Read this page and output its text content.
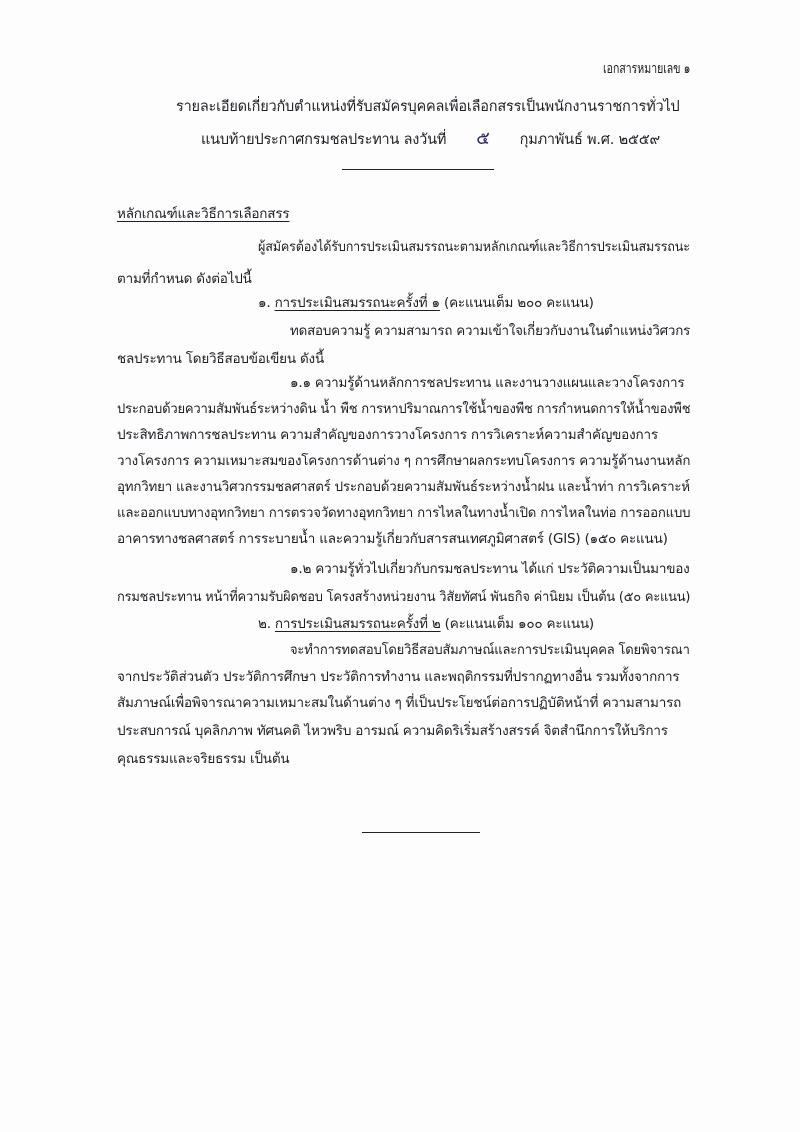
เอกสารหมายเลข ๑
รายละเอียดเกี่ยวกับตำแหน่งที่รับสมัครบุคคลเพื่อเลือกสรรเป็นพนักงานราชการทั่วไป
แนบท้ายประกาศกรมชลประทาน ลงวันที่ ๕ กุมภาพันธ์ พ.ศ. ๒๕๕๙
หลักเกณฑ์และวิธีการเลือกสรร
ผู้สมัครต้องได้รับการประเมินสมรรถนะตามหลักเกณฑ์และวิธีการประเมินสมรรถนะ
ตามที่กำหนด ดังต่อไปนี้
๑. การประเมินสมรรถนะครั้งที่ ๑ (คะแนนเต็ม ๒๐๐ คะแนน)
ทดสอบความรู้ ความสามารถ ความเข้าใจเกี่ยวกับงานในตำแหน่งวิศวกร
ชลประทาน โดยวิธีสอบข้อเขียน ดังนี้
๑.๑ ความรู้ด้านหลักการชลประทาน และงานวางแผนและวางโครงการ
ประกอบด้วยความสัมพันธ์ระหว่างดิน น้ำ พืช การหาปริมาณการใช้น้ำของพืช การกำหนดการให้น้ำของพืช
ประสิทธิภาพการชลประทาน ความสำคัญของการวางโครงการ การวิเคราะห์ความสำคัญของการ
วางโครงการ ความเหมาะสมของโครงการด้านต่าง ๆ การศึกษาผลกระทบโครงการ ความรู้ด้านงานหลัก
อุทกวิทยา และงานวิศวกรรมชลศาสตร์ ประกอบด้วยความสัมพันธ์ระหว่างน้ำฝน และน้ำท่า การวิเคราะห์
และออกแบบทางอุทกวิทยา การตรวจวัดทางอุทกวิทยา การไหลในทางน้ำเปิด การไหลในท่อ การออกแบบ
อาคารทางชลศาสตร์ การระบายน้ำ และความรู้เกี่ยวกับสารสนเทศภูมิศาสตร์ (GIS) (๑๕๐ คะแนน)
๑.๒ ความรู้ทั่วไปเกี่ยวกับกรมชลประทาน ได้แก่ ประวัติความเป็นมาของ
กรมชลประทาน หน้าที่ความรับผิดชอบ โครงสร้างหน่วยงาน วิสัยทัศน์ พันธกิจ ค่านิยม เป็นต้น (๕๐ คะแนน)
๒. การประเมินสมรรถนะครั้งที่ ๒ (คะแนนเต็ม ๑๐๐ คะแนน)
จะทำการทดสอบโดยวิธีสอบสัมภาษณ์และการประเมินบุคคล โดยพิจารณา
จากประวัติส่วนตัว ประวัติการศึกษา ประวัติการทำงาน และพฤติกรรมที่ปรากฏทางอื่น รวมทั้งจากการ
สัมภาษณ์เพื่อพิจารณาความเหมาะสมในด้านต่าง ๆ ที่เป็นประโยชน์ต่อการปฏิบัติหน้าที่ ความสามารถ
ประสบการณ์ บุคลิกภาพ ทัศนคติ ไหวพริบ อารมณ์ ความคิดริเริ่มสร้างสรรค์ จิตสำนึกการให้บริการ
คุณธรรมและจริยธรรม เป็นต้น
